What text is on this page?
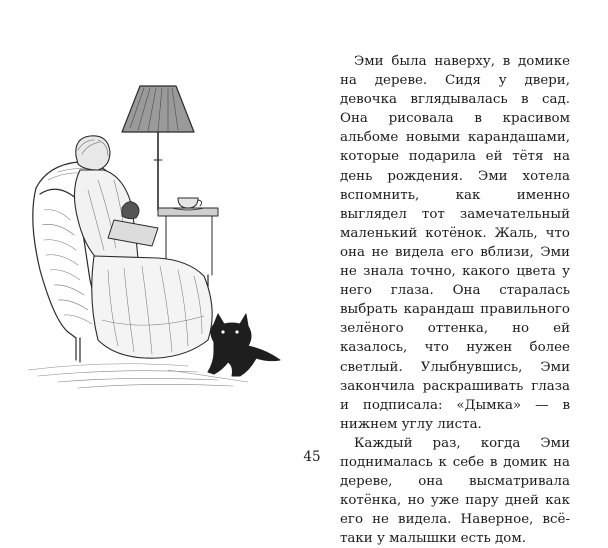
Эми была наверху, в домике на дереве. Сидя у двери, девочка вглядывалась в сад. Она рисовала в красивом альбоме новыми карандашами, которые подарила ей тётя на день рождения. Эми хотела вспомнить, как именно выглядел тот замечательный маленький котёнок. Жаль, что она не видела его вблизи, Эми не знала точно, какого цвета у него глаза. Она старалась выбрать карандаш правильного зелёного оттенка, но ей казалось, что нужен более светлый. Улыбнувшись, Эми закончила раскрашивать глаза и подписала: «Дымка» — в нижнем углу листа.

Каждый раз, когда Эми поднималась к себе в домик на дереве, она высматривала котёнка, но уже пару дней как его не видела. Наверное, всё-таки у малышки есть дом.

45
